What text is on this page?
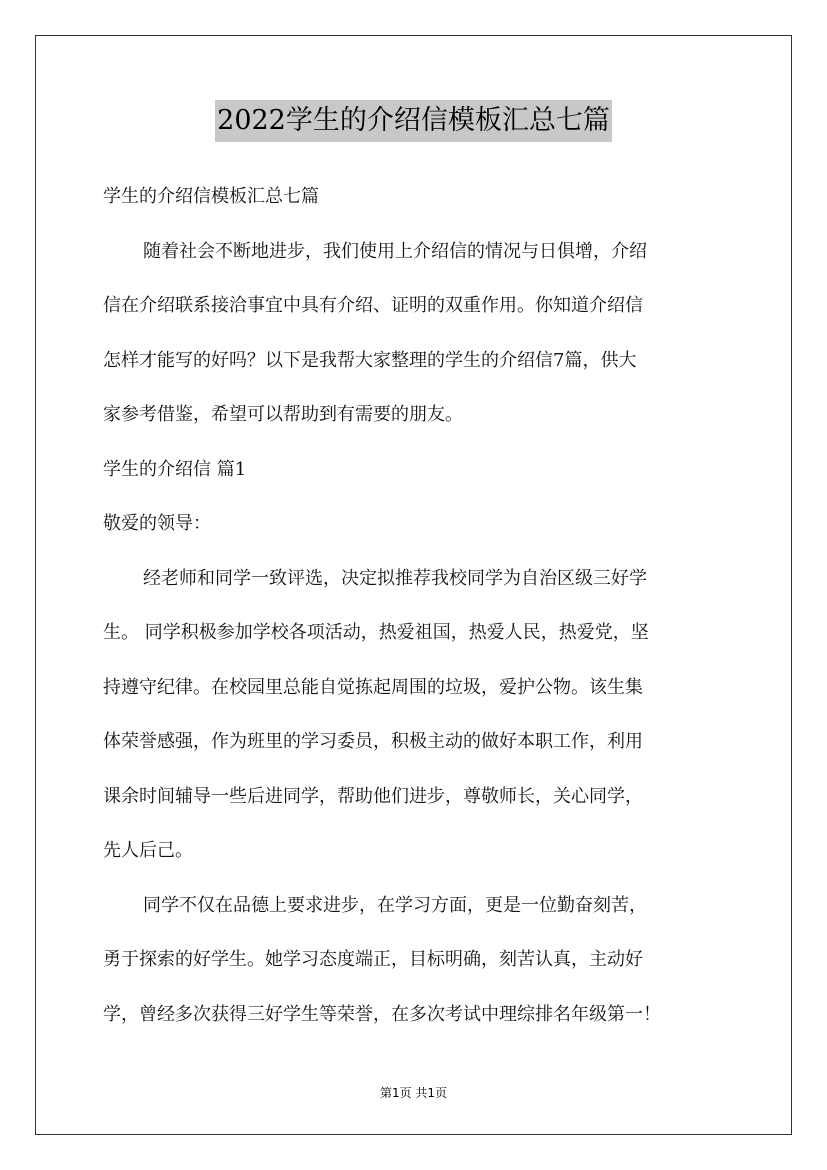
2022学生的介绍信模板汇总七篇

学生的介绍信模板汇总七篇

随着社会不断地进步，我们使用上介绍信的情况与日俱增，介绍

信在介绍联系接洽事宜中具有介绍、证明的双重作用。你知道介绍信

怎样才能写的好吗？以下是我帮大家整理的学生的介绍信7篇，供大

家参考借鉴，希望可以帮助到有需要的朋友。

学生的介绍信 篇1

敬爱的领导：

经老师和同学一致评选，决定拟推荐我校同学为自治区级三好学

生。 同学积极参加学校各项活动，热爱祖国，热爱人民，热爱党，坚

持遵守纪律。在校园里总能自觉拣起周围的垃圾，爱护公物。该生集

体荣誉感强，作为班里的学习委员，积极主动的做好本职工作，利用

课余时间辅导一些后进同学，帮助他们进步，尊敬师长，关心同学，

先人后己。

同学不仅在品德上要求进步，在学习方面，更是一位勤奋刻苦，

勇于探索的好学生。她学习态度端正，目标明确，刻苦认真，主动好

学，曾经多次获得三好学生等荣誉，在多次考试中理综排名年级第一！

第1页 共1页
